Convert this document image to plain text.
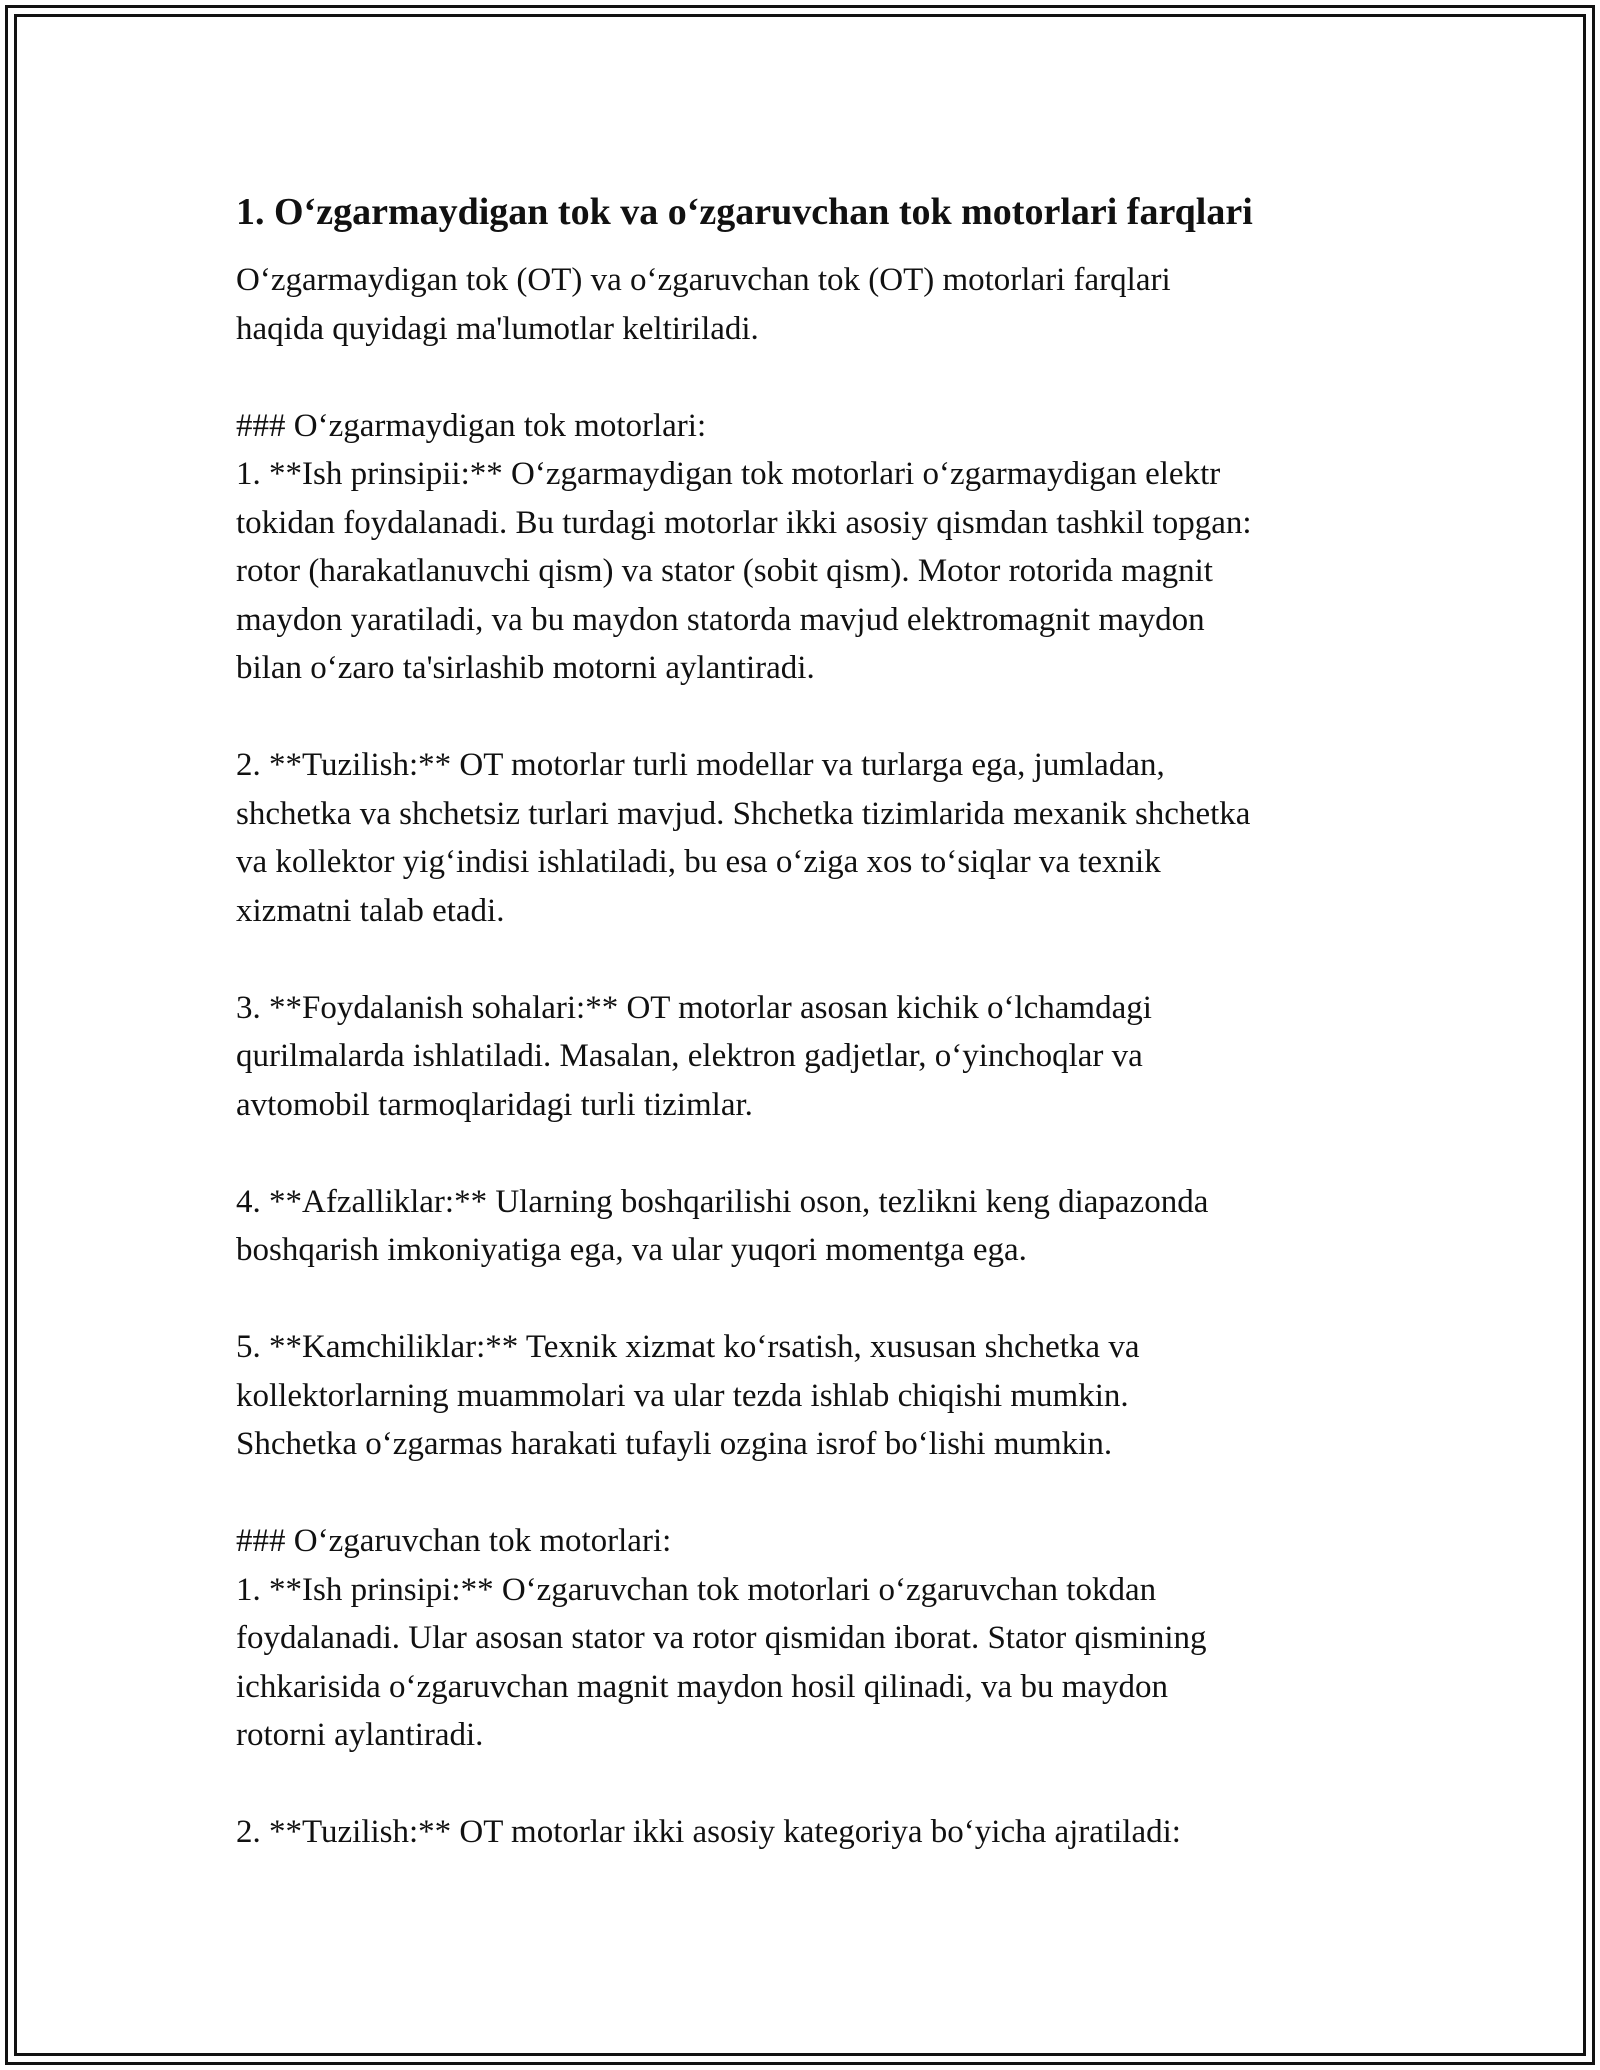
1. O‘zgarmaydigan tok va o‘zgaruvchan tok motorlari farqlari

O‘zgarmaydigan tok (OT) va o‘zgaruvchan tok (OT) motorlari farqlari
haqida quyidagi ma'lumotlar keltiriladi.

### O‘zgarmaydigan tok motorlari:
1. **Ish prinsipii:** O‘zgarmaydigan tok motorlari o‘zgarmaydigan elektr
tokidan foydalanadi. Bu turdagi motorlar ikki asosiy qismdan tashkil topgan:
rotor (harakatlanuvchi qism) va stator (sobit qism). Motor rotorida magnit
maydon yaratiladi, va bu maydon statorda mavjud elektromagnit maydon
bilan o‘zaro ta'sirlashib motorni aylantiradi.

2. **Tuzilish:** OT motorlar turli modellar va turlarga ega, jumladan,
shchetka va shchetsiz turlari mavjud. Shchetka tizimlarida mexanik shchetka
va kollektor yig‘indisi ishlatiladi, bu esa o‘ziga xos to‘siqlar va texnik
xizmatni talab etadi.

3. **Foydalanish sohalari:** OT motorlar asosan kichik o‘lchamdagi
qurilmalarda ishlatiladi. Masalan, elektron gadjetlar, o‘yinchoqlar va
avtomobil tarmoqlaridagi turli tizimlar.

4. **Afzalliklar:** Ularning boshqarilishi oson, tezlikni keng diapazonda
boshqarish imkoniyatiga ega, va ular yuqori momentga ega.

5. **Kamchiliklar:** Texnik xizmat ko‘rsatish, xususan shchetka va
kollektorlarning muammolari va ular tezda ishlab chiqishi mumkin.
Shchetka o‘zgarmas harakati tufayli ozgina isrof bo‘lishi mumkin.

### O‘zgaruvchan tok motorlari:
1. **Ish prinsipi:** O‘zgaruvchan tok motorlari o‘zgaruvchan tokdan
foydalanadi. Ular asosan stator va rotor qismidan iborat. Stator qismining
ichkarisida o‘zgaruvchan magnit maydon hosil qilinadi, va bu maydon
rotorni aylantiradi.

2. **Tuzilish:** OT motorlar ikki asosiy kategoriya bo‘yicha ajratiladi:
